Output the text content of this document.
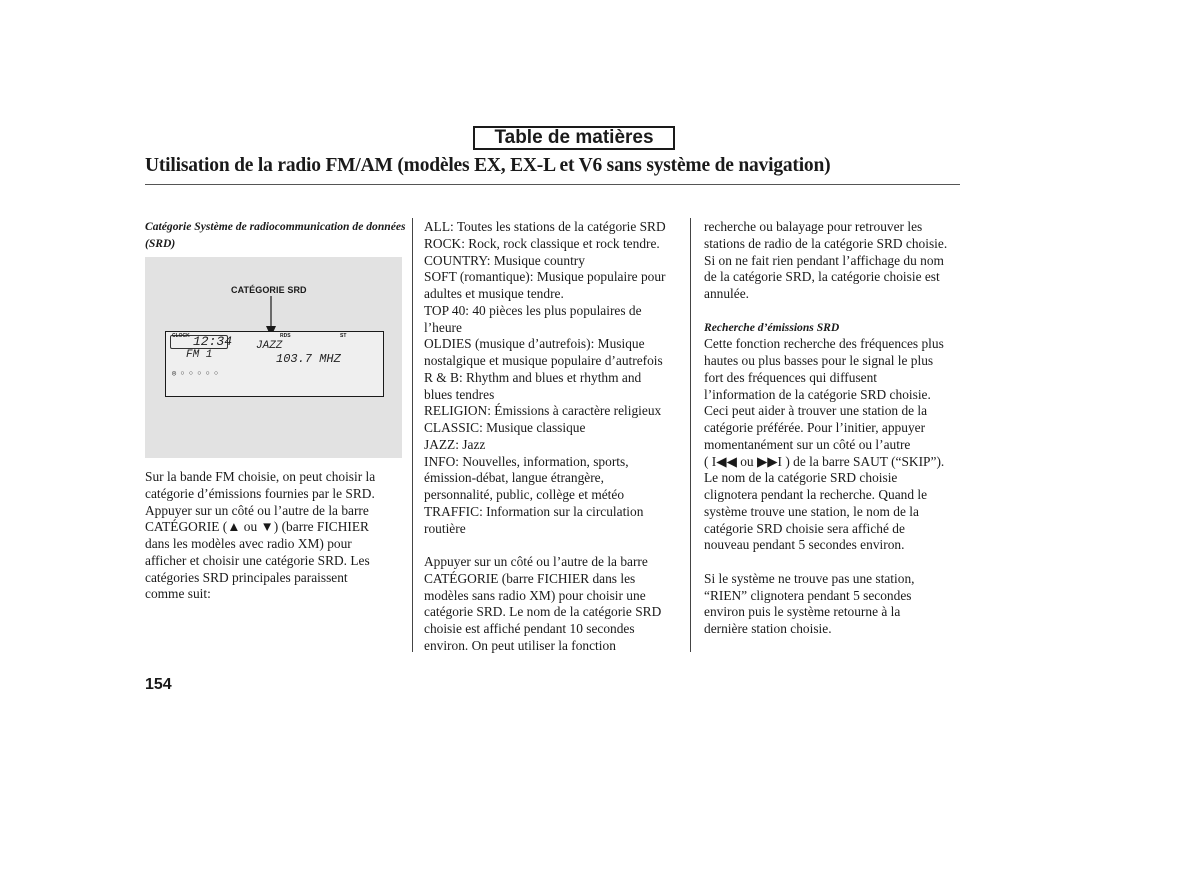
Table de matières
Utilisation de la radio FM/AM (modèles EX, EX-L et V6 sans système de navigation)
Catégorie Système de radiocommunication de données (SRD)
CATÉGORIE SRD
CLOCK 12:34	RDS	ST
JAZZ
FM 1	103.7 MHZ
◎ ○ ○ ○ ○ ○

Sur la bande FM choisie, on peut choisir la

catégorie d’émissions fournies par le SRD.

Appuyer sur un côté ou l’autre de la barre

CATÉGORIE (▲ ou ▼) (barre FICHIER

dans les modèles avec radio XM) pour

afficher et choisir une catégorie SRD. Les

catégories SRD principales paraissent

comme suit:

ALL: Toutes les stations de la catégorie SRD

ROCK: Rock, rock classique et rock tendre.

COUNTRY: Musique country

SOFT (romantique): Musique populaire pour

adultes et musique tendre.

TOP 40: 40 pièces les plus populaires de

l’heure

OLDIES (musique d’autrefois): Musique

nostalgique et musique populaire d’autrefois

R & B: Rhythm and blues et rhythm and

blues tendres

RELIGION: Émissions à caractère religieux

CLASSIC: Musique classique

JAZZ: Jazz

INFO: Nouvelles, information, sports,

émission-débat, langue étrangère,

personnalité, public, collège et météo

TRAFFIC: Information sur la circulation

routière

Appuyer sur un côté ou l’autre de la barre

CATÉGORIE (barre FICHIER dans les

modèles sans radio XM) pour choisir une

catégorie SRD. Le nom de la catégorie SRD

choisie est affiché pendant 10 secondes

environ. On peut utiliser la fonction

recherche ou balayage pour retrouver les

stations de radio de la catégorie SRD choisie.

Si on ne fait rien pendant l’affichage du nom

de la catégorie SRD, la catégorie choisie est

annulée.

Recherche d’émissions SRD

Cette fonction recherche des fréquences plus

hautes ou plus basses pour le signal le plus

fort des fréquences qui diffusent

l’information de la catégorie SRD choisie.

Ceci peut aider à trouver une station de la

catégorie préférée. Pour l’initier, appuyer

momentanément sur un côté ou l’autre

( I◀◀ ou ▶▶I ) de la barre SAUT (“SKIP”).

Le nom de la catégorie SRD choisie

clignotera pendant la recherche. Quand le

système trouve une station, le nom de la

catégorie SRD choisie sera affiché de

nouveau pendant 5 secondes environ.

Si le système ne trouve pas une station,

“RIEN” clignotera pendant 5 secondes

environ puis le système retourne à la

dernière station choisie.

154
